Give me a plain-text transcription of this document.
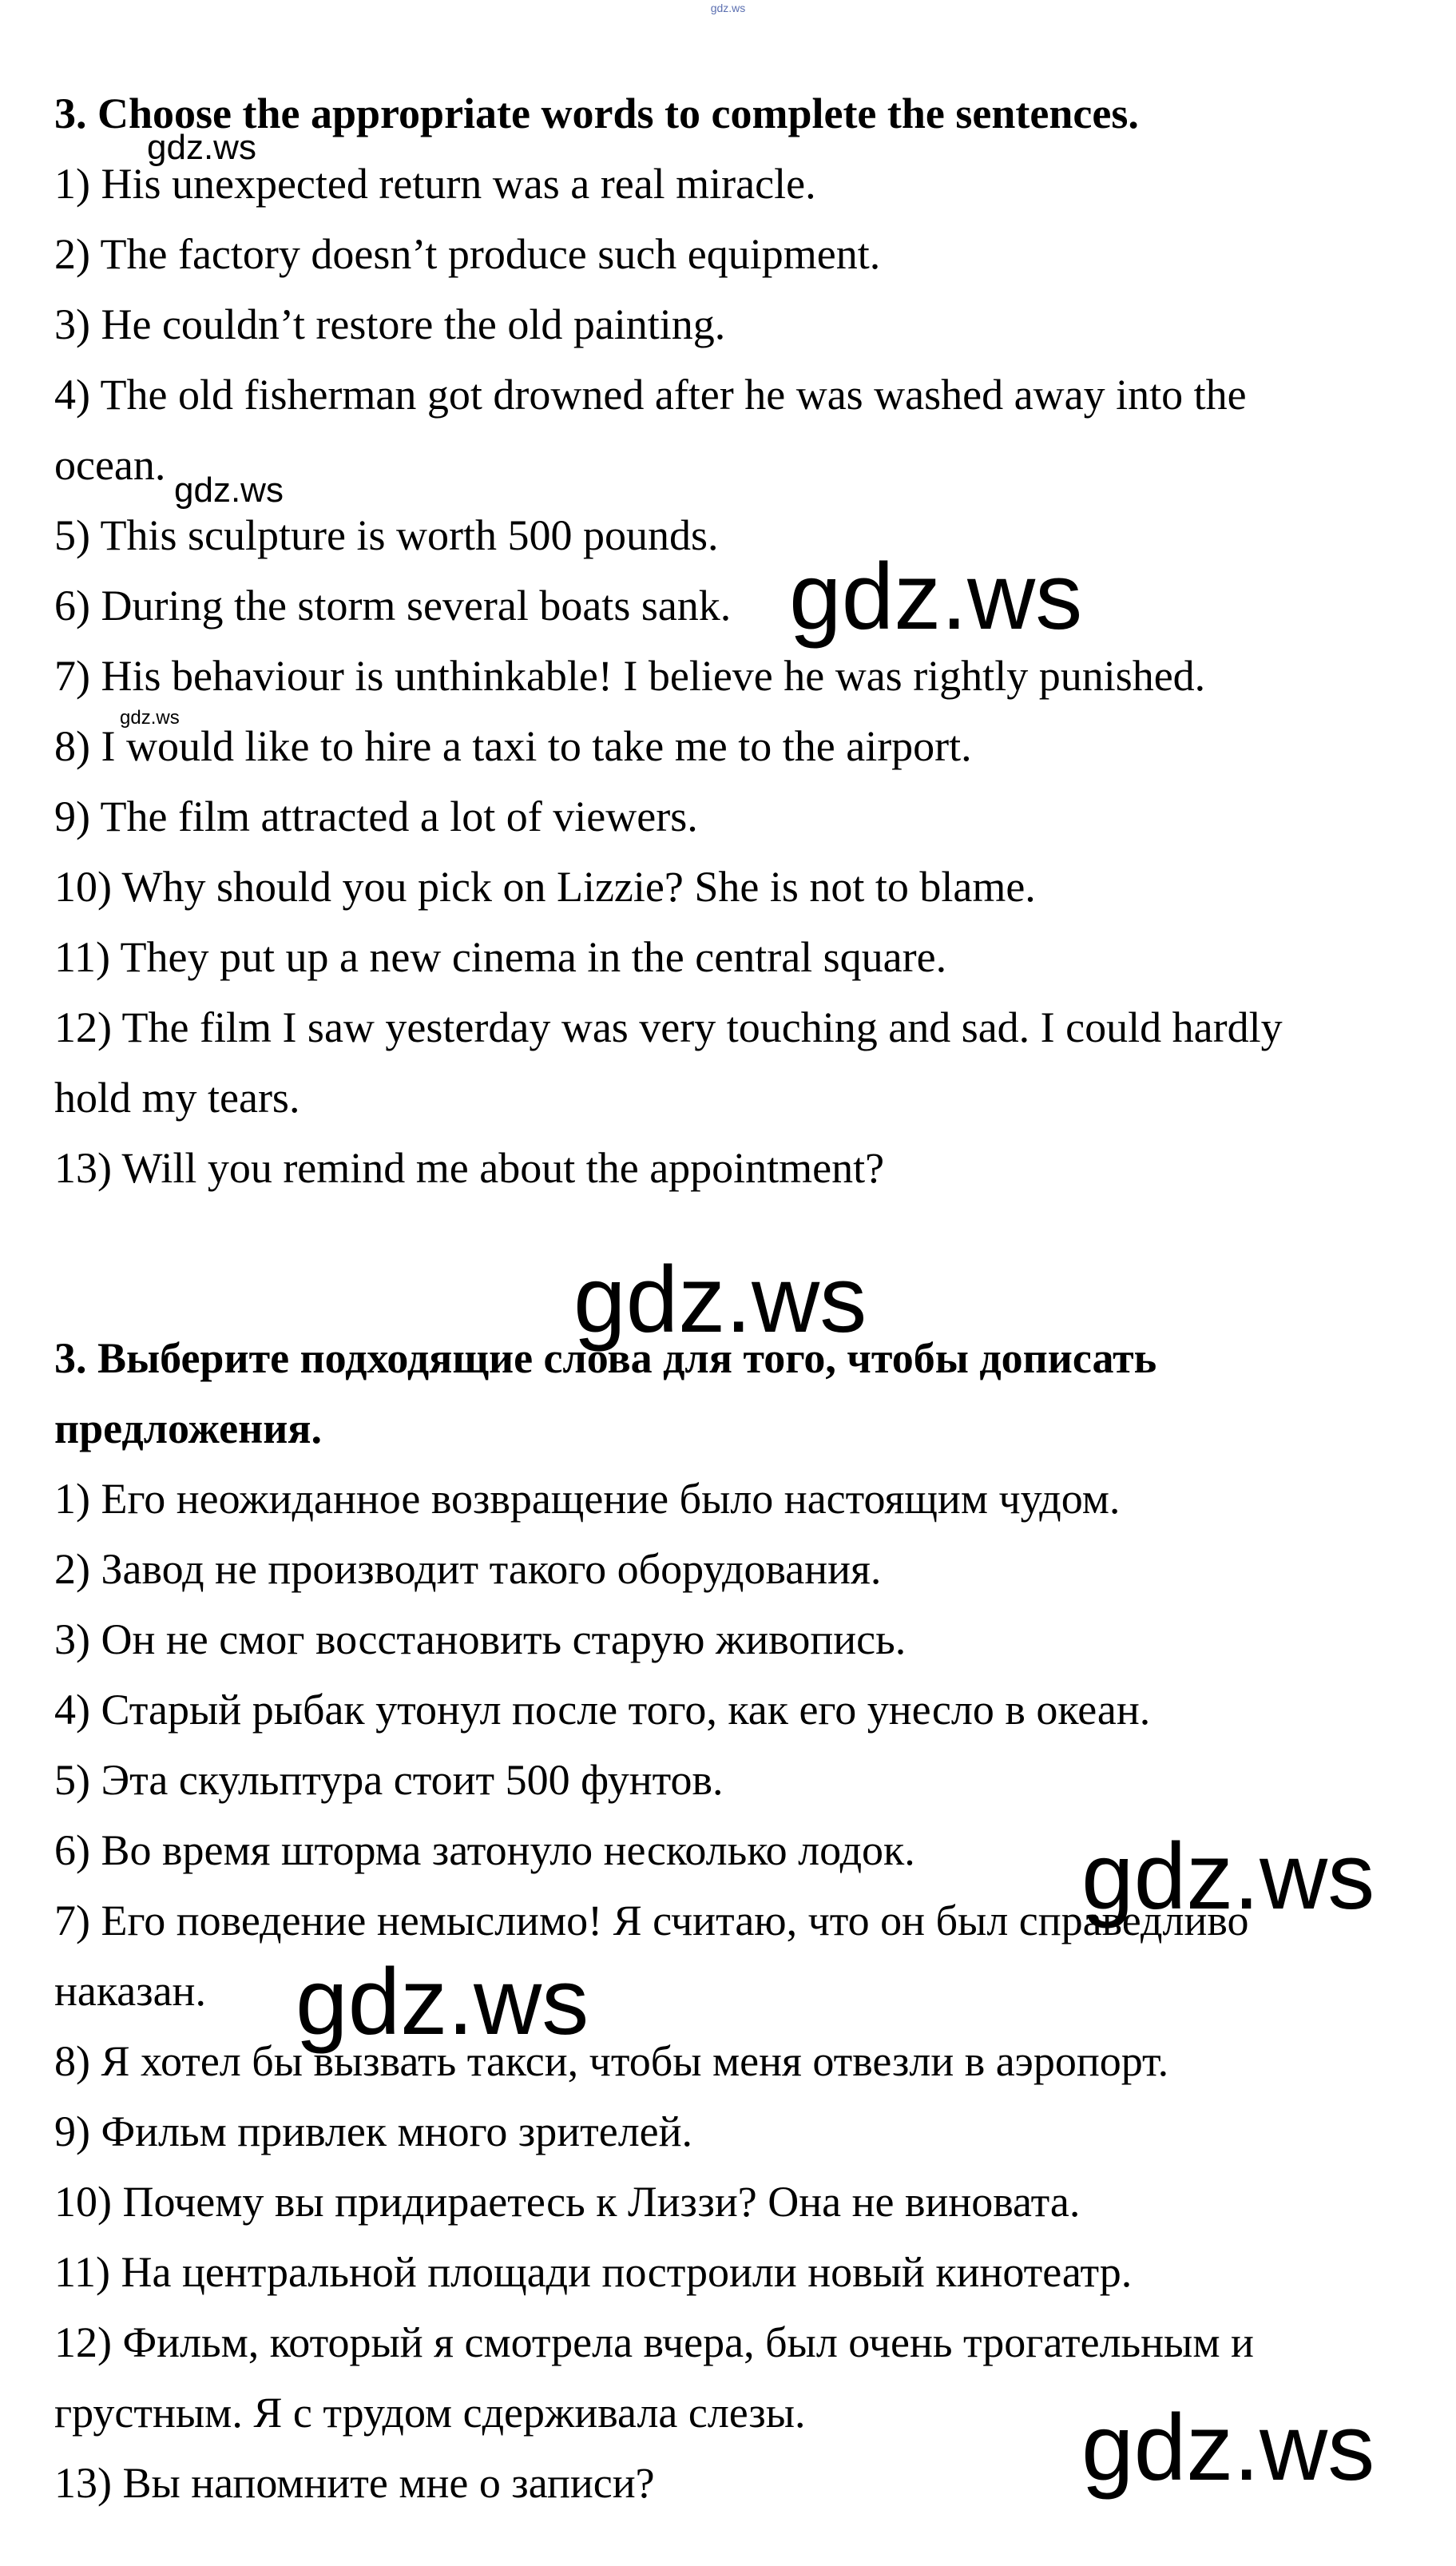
gdz.ws
3. Choose the appropriate words to complete the sentences.
1) His unexpected return was a real miracle.
2) The factory doesn’t produce such equipment.
3) He couldn’t restore the old painting.
4) The old fisherman got drowned after he was washed away into the
ocean.
5) This sculpture is worth 500 pounds.
6) During the storm several boats sank.
7) His behaviour is unthinkable! I believe he was rightly punished.
8) I would like to hire a taxi to take me to the airport.
9) The film attracted a lot of viewers.
10) Why should you pick on Lizzie? She is not to blame.
11) They put up a new cinema in the central square.
12) The film I saw yesterday was very touching and sad. I could hardly
hold my tears.
13) Will you remind me about the appointment?
3. Выберите подходящие слова для того, чтобы дописать
предложения.
1) Его неожиданное возвращение было настоящим чудом.
2) Завод не производит такого оборудования.
3) Он не смог восстановить старую живопись.
4) Старый рыбак утонул после того, как его унесло в океан.
5) Эта скульптура стоит 500 фунтов.
6) Во время шторма затонуло несколько лодок.
7) Его поведение немыслимо! Я считаю, что он был справедливо
наказан.
8) Я хотел бы вызвать такси, чтобы меня отвезли в аэропорт.
9) Фильм привлек много зрителей.
10) Почему вы придираетесь к Лиззи? Она не виновата.
11) На центральной площади построили новый кинотеатр.
12) Фильм, который я смотрела вчера, был очень трогательным и
грустным. Я с трудом сдерживала слезы.
13) Вы напомните мне о записи?
gdz.ws
gdz.ws
gdz.ws
gdz.ws
gdz.ws
gdz.ws
gdz.ws
gdz.ws
